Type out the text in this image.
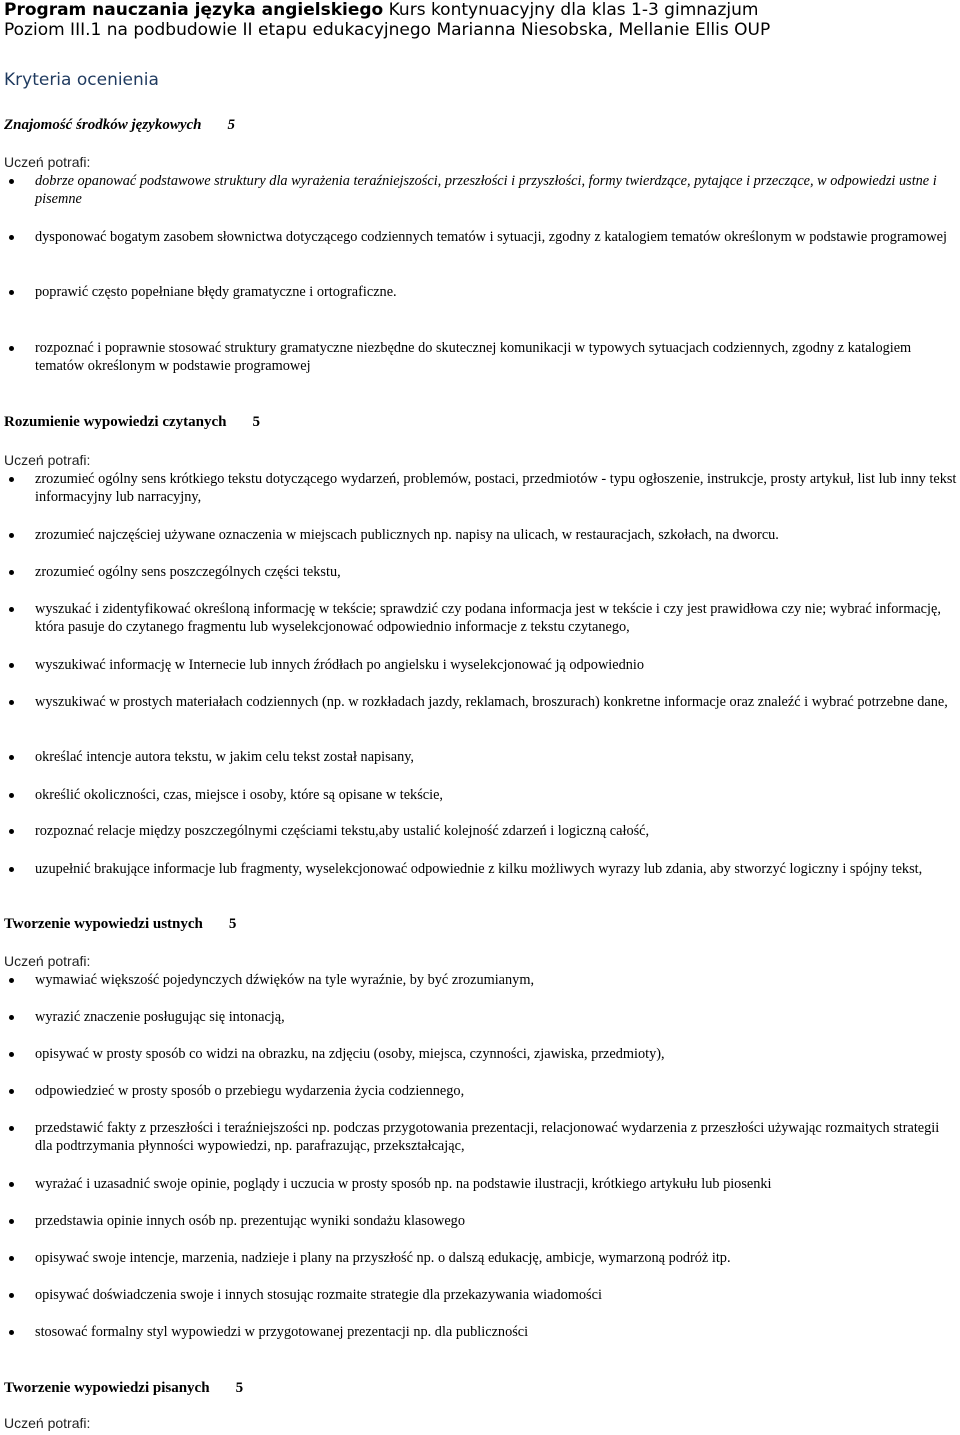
Program nauczania języka angielskiego Kurs kontynuacyjny dla klas 1-3 gimnazjum
Poziom III.1 na podbudowie II etapu edukacyjnego Marianna Niesobska, Mellanie Ellis OUP
Kryteria ocenienia
Znajomość środków językowych 5
Uczeń potrafi:
dobrze opanować podstawowe struktury dla wyrażenia teraźniejszości, przeszłości i przyszłości, formy twierdzące, pytające i przeczące, w odpowiedzi ustne i pisemne
dysponować bogatym zasobem słownictwa dotyczącego codziennych tematów i sytuacji, zgodny z katalogiem tematów określonym w podstawie programowej
poprawić często popełniane błędy gramatyczne i ortograficzne.
rozpoznać i poprawnie stosować struktury gramatyczne niezbędne do skutecznej komunikacji w typowych sytuacjach codziennych, zgodny z katalogiem tematów określonym w podstawie programowej
Rozumienie wypowiedzi czytanych 5
Uczeń potrafi:
zrozumieć ogólny sens krótkiego tekstu dotyczącego wydarzeń, problemów, postaci, przedmiotów - typu ogłoszenie, instrukcje, prosty artykuł, list lub inny tekst informacyjny lub narracyjny,
zrozumieć najczęściej używane oznaczenia w miejscach publicznych np. napisy na ulicach, w restauracjach, szkołach, na dworcu.
zrozumieć ogólny sens poszczególnych części tekstu,
wyszukać i zidentyfikować określoną informację w tekście; sprawdzić czy podana informacja jest w tekście i czy jest prawidłowa czy nie; wybrać informację, która pasuje do czytanego fragmentu lub wyselekcjonować odpowiednio informacje z tekstu czytanego,
wyszukiwać informację w Internecie lub innych źródłach po angielsku i wyselekcjonować ją odpowiednio
wyszukiwać w prostych materiałach codziennych (np. w rozkładach jazdy, reklamach, broszurach) konkretne informacje oraz znaleźć i wybrać potrzebne dane,
określać intencje autora tekstu, w jakim celu tekst został napisany,
określić okoliczności, czas, miejsce i osoby, które są opisane w tekście,
rozpoznać relacje między poszczególnymi częściami tekstu,aby ustalić kolejność zdarzeń i logiczną całość,
uzupełnić brakujące informacje lub fragmenty, wyselekcjonować odpowiednie z kilku możliwych wyrazy lub zdania, aby stworzyć logiczny i spójny tekst,
Tworzenie wypowiedzi ustnych 5
Uczeń potrafi:
wymawiać większość pojedynczych dźwięków na tyle wyraźnie, by być zrozumianym,
wyrazić znaczenie posługując się intonacją,
opisywać w prosty sposób co widzi na obrazku, na zdjęciu (osoby, miejsca, czynności, zjawiska, przedmioty),
odpowiedzieć w prosty sposób o przebiegu wydarzenia życia codziennego,
przedstawić fakty z przeszłości i teraźniejszości np. podczas przygotowania prezentacji, relacjonować wydarzenia z przeszłości używając rozmaitych strategii dla podtrzymania płynności wypowiedzi, np. parafrazując, przekształcając,
wyrażać i uzasadnić swoje opinie, poglądy i uczucia w prosty sposób np. na podstawie ilustracji, krótkiego artykułu lub piosenki
przedstawia opinie innych osób np. prezentując wyniki sondażu klasowego
opisywać swoje intencje, marzenia, nadzieje i plany na przyszłość np. o dalszą edukację, ambicje, wymarzoną podróż itp.
opisywać doświadczenia swoje i innych stosując rozmaite strategie dla przekazywania wiadomości
stosować formalny styl wypowiedzi w przygotowanej prezentacji np. dla publiczności
Tworzenie wypowiedzi pisanych 5
Uczeń potrafi:
